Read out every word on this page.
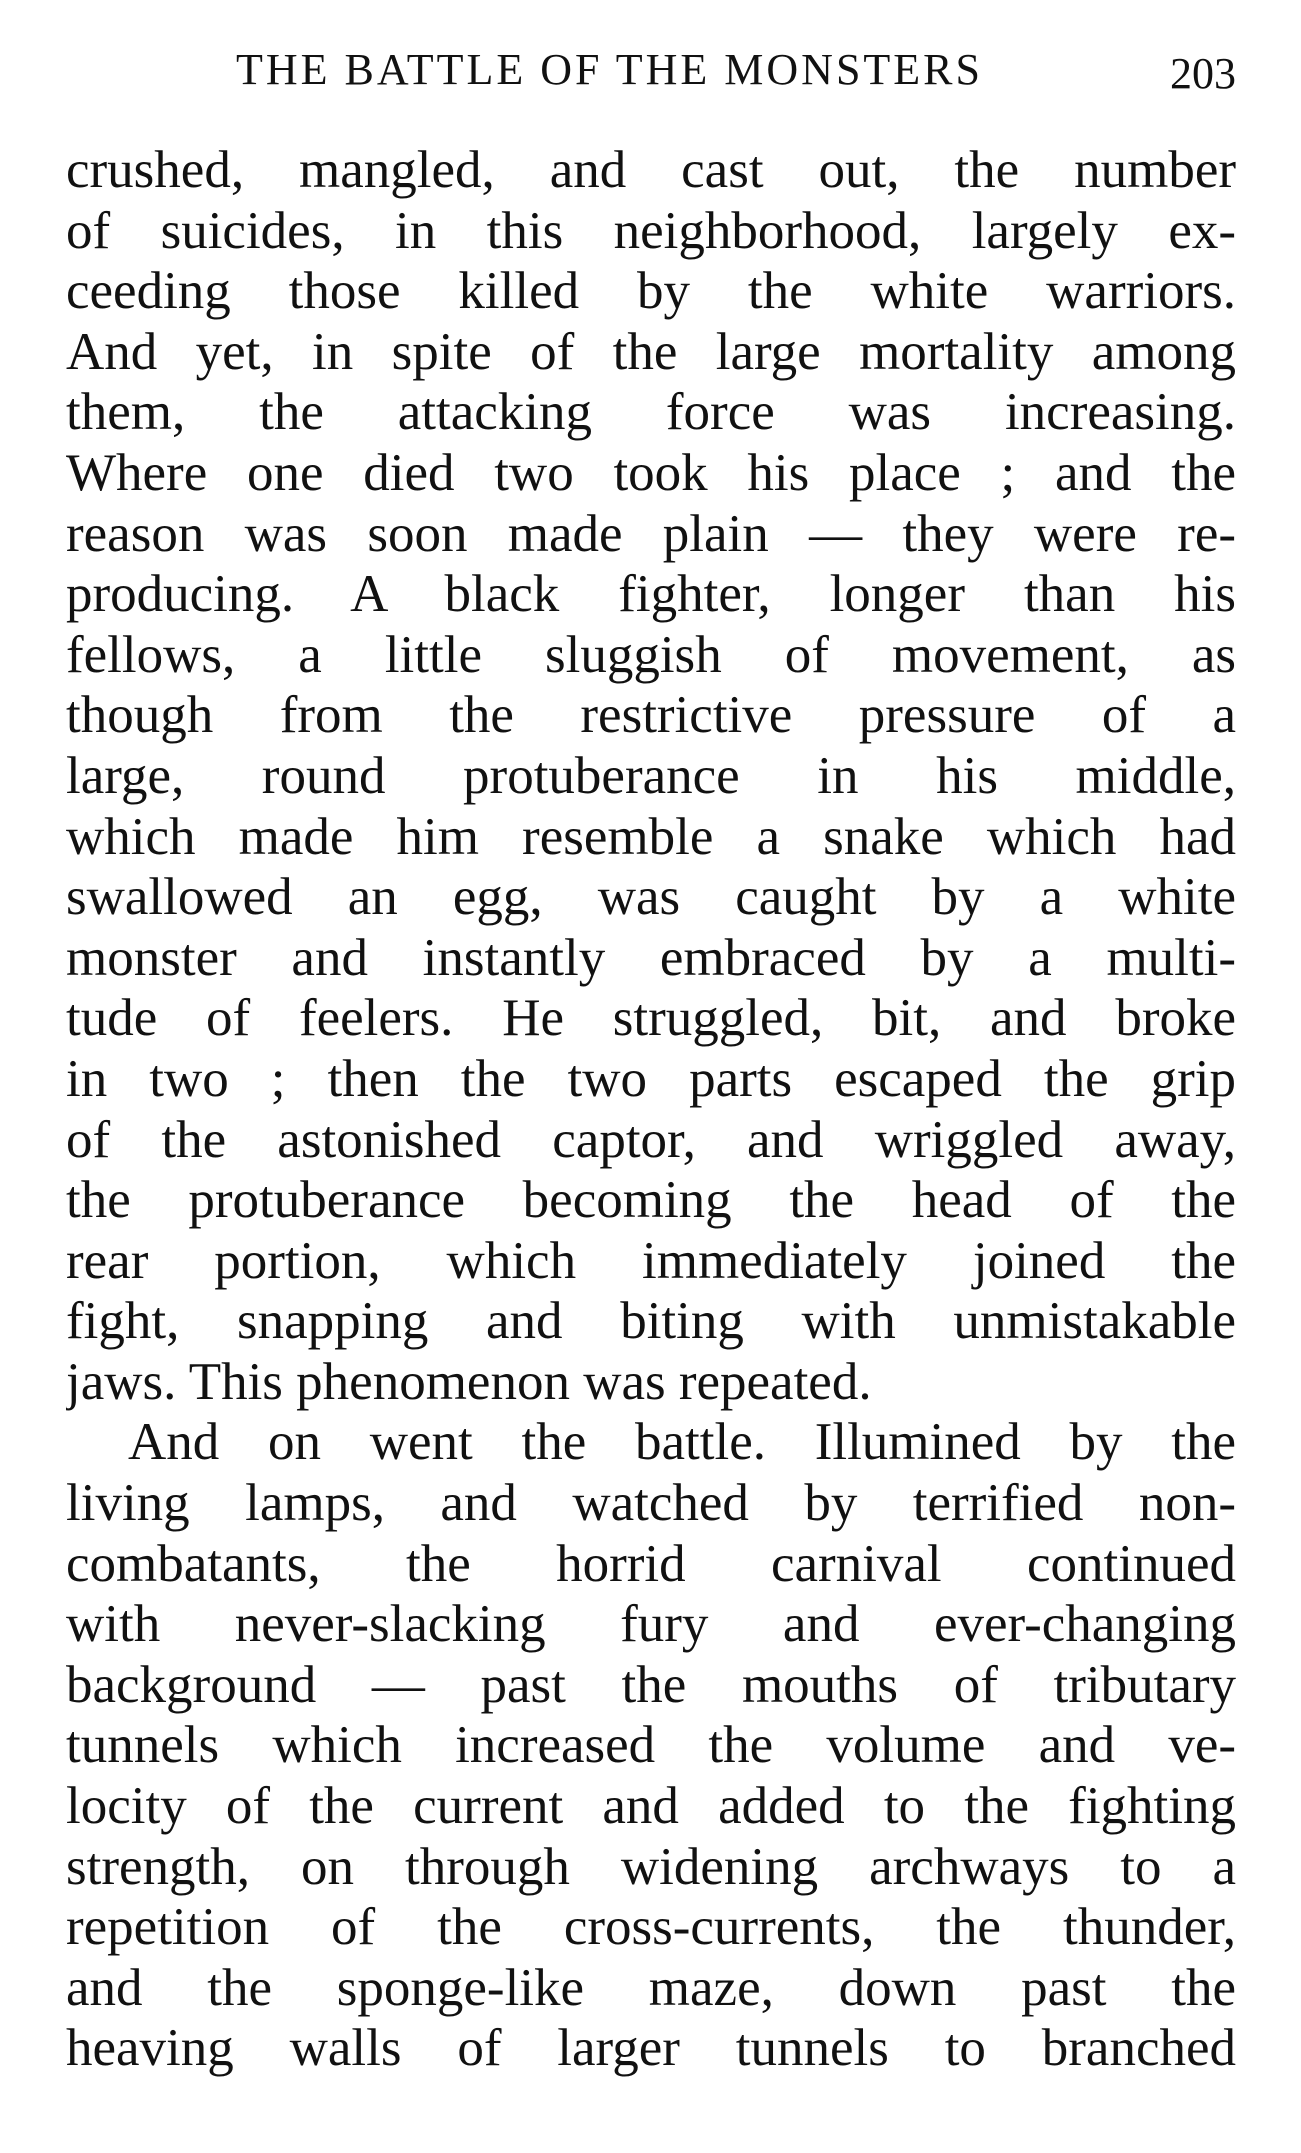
THE BATTLE OF THE MONSTERS	203
crushed, mangled, and cast out, the number
of suicides, in this neighborhood, largely ex-
ceeding those killed by the white warriors.
And yet, in spite of the large mortality among
them, the attacking force was increasing.
Where one died two took his place ; and the
reason was soon made plain — they were re-
producing. A black fighter, longer than his
fellows, a little sluggish of movement, as
though from the restrictive pressure of a
large, round protuberance in his middle,
which made him resemble a snake which had
swallowed an egg, was caught by a white
monster and instantly embraced by a multi-
tude of feelers. He struggled, bit, and broke
in two ; then the two parts escaped the grip
of the astonished captor, and wriggled away,
the protuberance becoming the head of the
rear portion, which immediately joined the
fight, snapping and biting with unmistakable
jaws. This phenomenon was repeated.
And on went the battle. Illumined by the
living lamps, and watched by terrified non-
combatants, the horrid carnival continued
with never-slacking fury and ever-changing
background — past the mouths of tributary
tunnels which increased the volume and ve-
locity of the current and added to the fighting
strength, on through widening archways to a
repetition of the cross-currents, the thunder,
and the sponge-like maze, down past the
heaving walls of larger tunnels to branched
